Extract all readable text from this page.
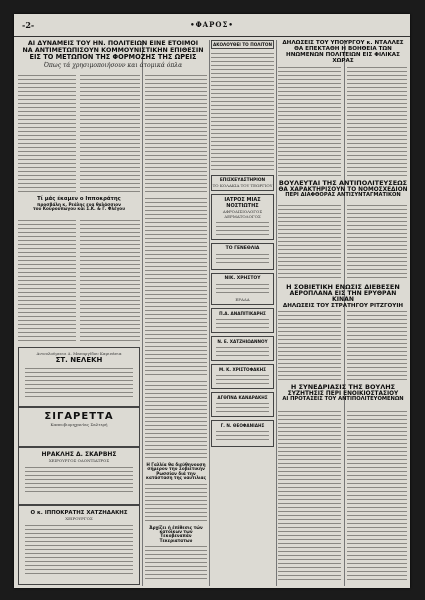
-2-	•ΦΑΡΟΣ•
ΑΙ ΔΥΝΑΜΕΙΣ ΤΟΥ ΗΝ. ΠΟΛΙΤΕΙΩΝ ΕΙΝΕ ΕΤΟΙΜΟΙ
ΝΑ ΑΝΤΙΜΕΤΩΠΙΣΟΥΝ ΚΟΜΜΟΥΝΙΣΤΙΚΗΝ ΕΠΙΘΕΣΙΝ
ΕΙΣ ΤΟ ΜΕΤΩΠΟΝ ΤΗΣ ΦΟΡΜΟΖΗΣ ΤΗΣ ΩΡΕΙΣ
Όπως τά χρησιμοποιήσουν και άτομικά όπλα
Τί μάς έκαμεν ο Ιπποκράτης
προσβάλη κ. Ρεάλης ενα θαλάσσιον
του Κουρουπώγου και Σ.Κ. & Γ. Φλέγου
Αιτουλούμενοι Δ. Μαναργίδου Καμινάνια
ΣΤ. ΝΕΛΕΚΗ
ΣΙΓΑΡΕΤΤΑ
Καπνοβιομηχανίας Σαλτερή
ΗΡΑΚΛΗΣ Δ. ΣΚΑΡΒΗΣ
ΧΕΙΡΟΥΡΓΟΣ ΟΔΟΝΤΙΑΤΡΟΣ
Ο κ. ΙΠΠΟΚΡΑΤΗΣ ΧΑΤΖΗΔΑΚΗΣ
ΧΕΙΡΟΥΡΓΟΣ
ΑΚΟΛΟΥΘΕΙ ΤΟ ΠΟΛΙΤΟΝ
ΕΠΙΣΚΕΥΑΣΤΗΡΙΟΝ
ΤΟ ΚΟΛΑΚΙΑ ΤΟΥ ΤΕΩΡΓΙΟΥ
ΙΑΤΡΟΣ ΜΙΑΣ ΝΟΣΤΙΩΤΗΣ
ΑΦΡΟΔΙΣΙΟΛΟΓΟΣ ΔΕΡΜΑΤΟΛΟΓΟΣ
ΤΟ ΓΕΝΕΘΛΙΑ
ΝΙΚ. ΧΡΗΣΤΟΥ
ΕΡΑΔΑ
Π.Α. ΑΝΑΠΙΤΙΚΑΡΗΣ
Ν. Ε. ΧΑΤΖΗΙΩΑΝΝΟΥ
Μ. Κ. ΧΡΙΣΤΟΦΑΚΗΣ
ΑΓΘΠΝΑ ΚΑΝΑΡΑΚΗΣ
Γ. Ν. ΘΕΟΦΑΝΙΔΗΣ
ΔΗΛΩΣΕΙΣ ΤΟΥ ΥΠΟΥΡΓΟΥ κ. ΝΤΑΛΛΕΣ
ΘΑ ΕΠΕΚΤΑΘΗ Η ΒΟΗΘΕΙΑ ΤΩΝ
ΗΝΩΜΕΝΩΝ ΠΟΛΙΤΕΙΩΝ ΕΙΣ ΦΙΛΙΚΑΣ ΧΩΡΑΣ
ΒΟΥΛΕΥΤΑΙ ΤΗΣ ΑΝΤΙΠΟΛΙΤΕΥΣΕΩΣ
ΘΑ ΧΑΡΑΚΤΗΡΙΣΟΥΝ ΤΟ ΝΟΜΟΣΧΕΔΙΟΝ
ΠΕΡΙ ΔΙΑΦΘΟΡΑΣ ΑΝΤΙΣΥΝΤΑΓΜΑΤΙΚΟΝ
Η ΣΟΒΙΕΤΙΚΗ ΕΝΩΣΙΣ ΔΙΕΒΕΣΕΝ
ΑΕΡΟΠΛΑΝΑ ΕΙΣ ΤΗΝ ΕΡΥΘΡΑΝ ΚΙΝΑΝ
ΔΗΛΩΣΕΙΣ ΤΟΥ ΣΤΡΑΤΗΓΟΥ ΡΙΤΖΓΟΥΙΗ
Η ΣΥΝΕΔΡΙΑΣΙΣ ΤΗΣ ΒΟΥΛΗΣ
ΣΥΖΗΤΗΣΙΣ ΠΕΡΙ ΕΝΟΙΚΙΟΣΤΑΣΙΟΥ
ΑΙ ΠΡΟΤΑΣΕΙΣ ΤΟΥ ΑΝΤΙΠΟΛΙΤΕΥΟΜΕΝΩΝ
Η Γαλλία θα διεύθηνουση σήμερον την Σοβιετικήν Ρωσσίαν διά την κατάσταση της ναυτιλιας
Άρχίζει ή έπίθεσις τών κατοίκων των Τεκοβεναπάν Τεκεριατατων
